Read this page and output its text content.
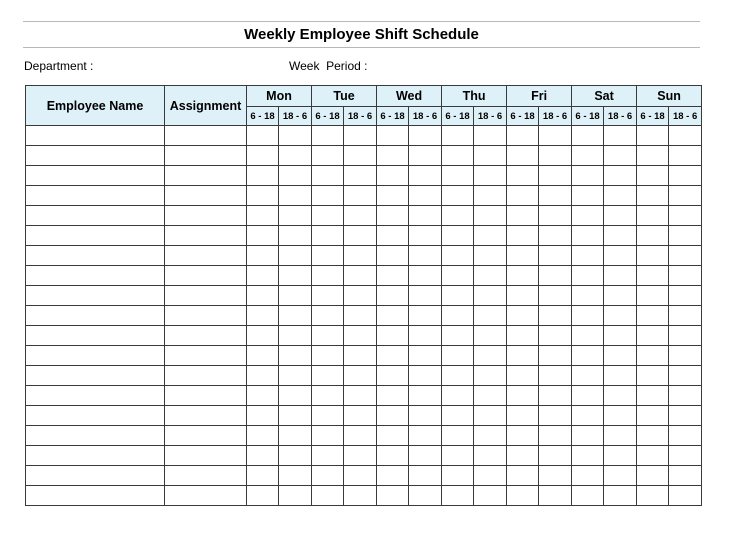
Weekly Employee Shift Schedule
Department :	Week  Period :
Employee Name	Assignment	Mon		Tue		Wed		Thu		Fri		Sat		Sun	
		6 - 18	18 - 6	6 - 18	18 - 6	6 - 18	18 - 6	6 - 18	18 - 6	6 - 18	18 - 6	6 - 18	18 - 6	6 - 18	18 - 6
